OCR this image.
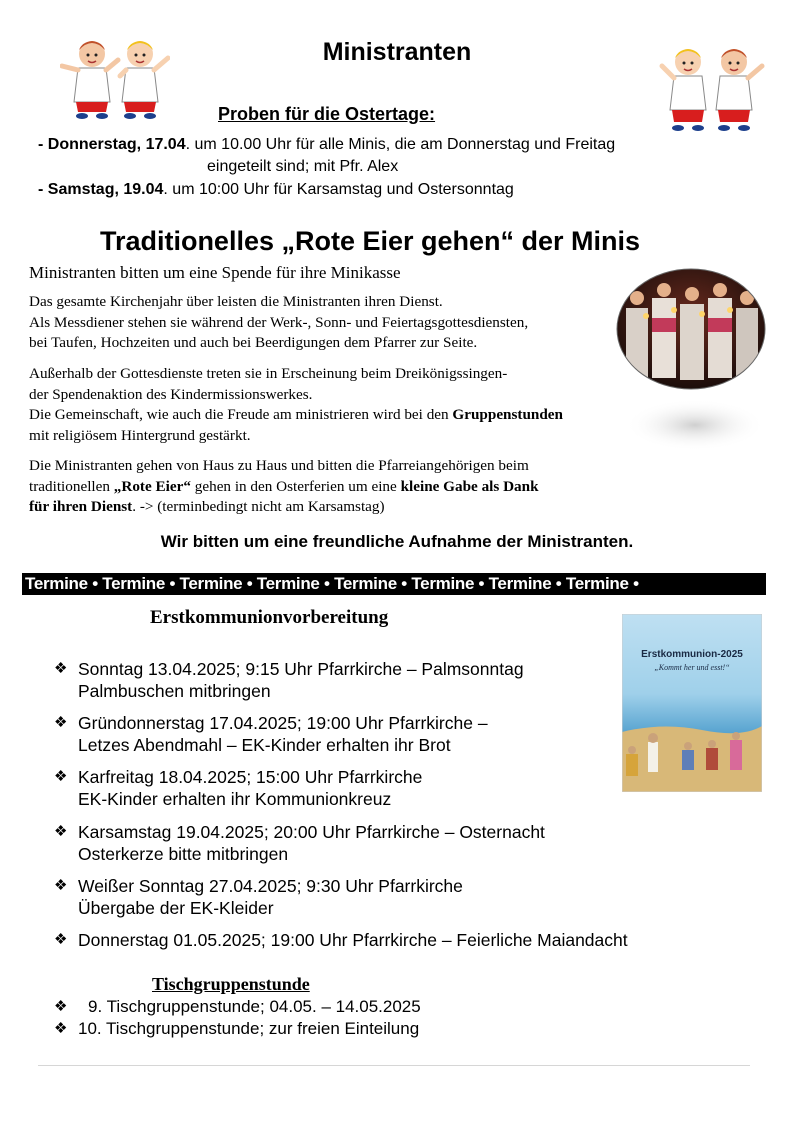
Ministranten
Proben für die Ostertage:
- Donnerstag, 17.04. um 10.00 Uhr für alle Minis, die am Donnerstag und Freitag
eingeteilt sind; mit Pfr. Alex
- Samstag, 19.04. um 10:00 Uhr für Karsamstag und Ostersonntag
Traditionelles „Rote Eier gehen“ der Minis
Ministranten bitten um eine Spende für ihre Minikasse
Das gesamte Kirchenjahr über leisten die Ministranten ihren Dienst.
Als Messdiener stehen sie während der Werk-, Sonn- und Feiertagsgottesdiensten,
bei Taufen, Hochzeiten und auch bei Beerdigungen dem Pfarrer zur Seite.
Außerhalb der Gottesdienste treten sie in Erscheinung beim Dreikönigssingen-
der Spendenaktion des Kindermissionswerkes.
Die Gemeinschaft, wie auch die Freude am ministrieren wird bei den Gruppenstunden
mit religiösem Hintergrund gestärkt.
Die Ministranten gehen von Haus zu Haus und bitten die Pfarreiangehörigen beim
traditionellen „Rote Eier“ gehen in den Osterferien um eine kleine Gabe als Dank
für ihren Dienst. -> (terminbedingt nicht am Karsamstag)
Wir bitten um eine freundliche Aufnahme der Ministranten.
Termine • Termine • Termine • Termine • Termine • Termine • Termine • Termine •
Erstkommunionvorbereitung
❖ Sonntag 13.04.2025; 9:15 Uhr Pfarrkirche – Palmsonntag
Palmbuschen mitbringen
❖ Gründonnerstag 17.04.2025; 19:00 Uhr Pfarrkirche –
Letzes Abendmahl – EK-Kinder erhalten ihr Brot
❖ Karfreitag 18.04.2025; 15:00 Uhr Pfarrkirche
EK-Kinder erhalten ihr Kommunionkreuz
❖ Karsamstag 19.04.2025; 20:00 Uhr Pfarrkirche – Osternacht
Osterkerze bitte mitbringen
❖ Weißer Sonntag 27.04.2025; 9:30 Uhr Pfarrkirche
Übergabe der EK-Kleider
❖ Donnerstag 01.05.2025; 19:00 Uhr Pfarrkirche – Feierliche Maiandacht
Erstkommunion-2025
„Kommt her und esst!“
Tischgruppenstunde
❖ 9. Tischgruppenstunde; 04.05. – 14.05.2025
❖ 10. Tischgruppenstunde; zur freien Einteilung
